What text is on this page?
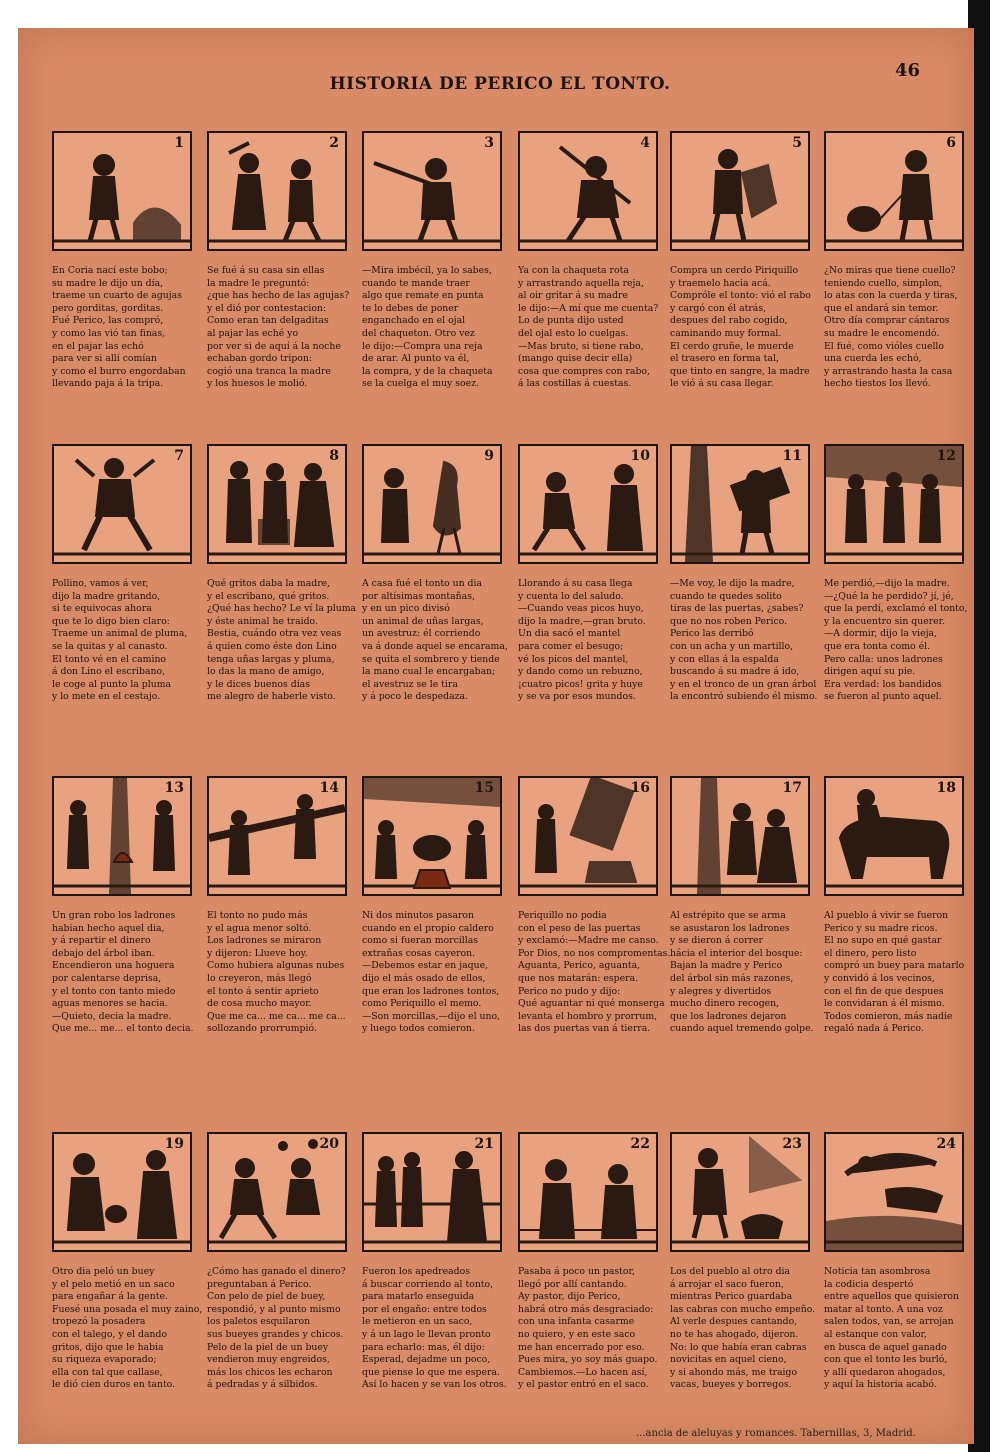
HISTORIA DE PERICO EL TONTO.
46
1
En Coria nací este bobo;
su madre le dijo un día,
traeme un cuarto de agujas
pero gorditas, gorditas.
Fué Perico, las compró,
y como las vió tan finas,
en el pajar las echó
para ver si allí comían
y como el burro engordaban
llevando paja á la tripa.
2
Se fué á su casa sin ellas
la madre le preguntó:
¿que has hecho de las agujas?
y el dió por contestacion:
Como eran tan delgaditas
al pajar las eché yo
por ver si de aquí á la noche
echaban gordo tripon:
cogió una tranca la madre
y los huesos le molió.
3
—Mira imbécil, ya lo sabes,
cuando te mande traer
algo que remate en punta
te lo debes de poner
enganchado en el ojal
del chaqueton. Otro vez
le dijo:—Compra una reja
de arar. Al punto va él,
la compra, y de la chaqueta
se la cuelga el muy soez.
4
Ya con la chaqueta rota
y arrastrando aquella reja,
al oir gritar á su madre
le dijo:—A mí que me cuenta?
Lo de punta dijo usted
del ojal esto lo cuelgas.
—Mas bruto, si tiene rabo,
(mango quise decir ella)
cosa que compres con rabo,
á las costillas á cuestas.
5
Compra un cerdo Piriquillo
y traemelo hacia acá.
Compróle el tonto: vió el rabo
y cargó con él atrás,
despues del rabo cogido,
caminando muy formal.
El cerdo gruñe, le muerde
el trasero en forma tal,
que tinto en sangre, la madre
le vió á su casa llegar.
6
¿No miras que tiene cuello?
teniendo cuello, simplon,
lo atas con la cuerda y tiras,
que el andará sin temor.
Otro día comprar cántaros
su madre le encomendó.
El fué, como vióles cuello
una cuerda les echó,
y arrastrando hasta la casa
hecho tiestos los llevó.
7
Pollino, vamos á ver,
dijo la madre gritando,
si te equivocas ahora
que te lo digo bien claro:
Traeme un animal de pluma,
se la quitas y al canasto.
El tonto vé en el camino
á don Lino el escribano,
le coge al punto la pluma
y lo mete en el cestajo.
8
Qué gritos daba la madre,
y el escribano, qué gritos.
¿Qué has hecho? Le ví la pluma
y éste animal he traido.
Bestia, cuándo otra vez veas
á quien como éste don Lino
tenga uñas largas y pluma,
lo das la mano de amigo,
y le dices buenos días
me alegro de haberle visto.
9
A casa fué el tonto un dia
por altísimas montañas,
y en un pico divisó
un animal de uñas largas,
un avestruz: él corriendo
va á donde aquel se encarama,
se quita el sombrero y tiende
la mano cual le encargaban;
el avestruz se le tira
y á poco le despedaza.
10
Llorando á su casa llega
y cuenta lo del saludo.
—Cuando veas picos huyo,
dijo la madre,—gran bruto.
Un dia sacó el mantel
para comer el besugo;
vé los picos del mantel,
y dando como un rebuzno,
¡cuatro picos! grita y huye
y se va por esos mundos.
11
—Me voy, le dijo la madre,
cuando te quedes solito
tiras de las puertas, ¿sabes?
que no nos roben Perico.
Perico las derribó
con un acha y un martillo,
y con ellas á la espalda
buscando á su madre á ido,
y en el tronco de un gran árbol
la encontró subiendo él mismo.
12
Me perdió,—dijo la madre.
—¿Qué la he perdido? jí, jé,
que la perdí, exclamó el tonto,
y la encuentro sin querer.
—A dormir, dijo la vieja,
que era tonta como él.
Pero calla: unos ladrones
dirigen aquí su pie.
Era verdad: los bandidos
se fueron al punto aquel.
13
Un gran robo los ladrones
habian hecho aquel dia,
y á repartir el dinero
debajo del árbol iban.
Encendieron una hoguera
por calentarse deprisa,
y el tonto con tanto miedo
aguas menores se hacia.
—Quieto, decia la madre.
Que me... me... el tonto decia.
14
El tonto no pudo más
y el agua menor soltó.
Los ladrones se miraron
y dijeron: Llueve hoy.
Como hubiera algunas nubes
lo creyeron, más llegó
el tonto á sentir aprieto
de cosa mucho mayor.
Que me ca... me ca... me ca...
sollozando prorrumpió.
15
Ni dos minutos pasaron
cuando en el propio caldero
como si fueran morcillas
extrañas cosas cayeron.
—Debemos estar en jaque,
dijo el más osado de ellos,
que eran los ladrones tontos,
como Periquillo el memo.
—Son morcillas,—dijo el uno,
y luego todos comieron.
16
Periquillo no podia
con el peso de las puertas
y exclamó:—Madre me canso.
Por Dios, no nos compromentas.
Aguanta, Perico, aguanta,
que nos matarán: espera.
Perico no pudo y dijo:
Qué aguantar ni qué monserga
levanta el hombro y prorrum,
las dos puertas van á tierra.
17
Al estrépito que se arma
se asustaron los ladrones
y se dieron á correr
hácia el interior del bosque:
Bajan la madre y Perico
del árbol sin más razones,
y alegres y divertidos
mucho dinero recogen,
que los ladrones dejaron
cuando aquel tremendo golpe.
18
Al pueblo á vivir se fueron
Perico y su madre ricos.
El no supo en qué gastar
el dinero, pero listo
compró un buey para matarlo
y convidó á los vecinos,
con el fin de que despues
le convidaran á él mismo.
Todos comieron, más nadie
regaló nada á Perico.
19
Otro dia peló un buey
y el pelo metió en un saco
para engañar á la gente.
Fuesé una posada el muy zaino,
tropezó la posadera
con el talego, y el dando
gritos, dijo que le habia
su riqueza evaporado;
ella con tal que callase,
le dió cien duros en tanto.
20
¿Cómo has ganado el dinero?
preguntaban á Perico.
Con pelo de piel de buey,
respondió, y al punto mismo
los paletos esquilaron
sus bueyes grandes y chicos.
Pelo de la piel de un buey
vendieron muy engreidos,
más los chicos les echaron
á pedradas y á silbidos.
21
Fueron los apedreados
á buscar corriendo al tonto,
para matarlo enseguida
por el engaño: entre todos
le metieron en un saco,
y á un lago le llevan pronto
para echarlo: mas, él dijo:
Esperad, dejadme un poco,
que piense lo que me espera.
Así lo hacen y se van los otros.
22
Pasaba á poco un pastor,
llegó por allí cantando.
Ay pastor, dijo Perico,
habrá otro más desgraciado:
con una infanta casarme
no quiero, y en este saco
me han encerrado por eso.
Pues mira, yo soy más guapo.
Cambiemos.—Lo hacen así,
y el pastor entró en el saco.
23
Los del pueblo al otro dia
á arrojar el saco fueron,
mientras Perico guardaba
las cabras con mucho empeño.
Al verle despues cantando,
no te has ahogado, dijeron.
No: lo que había eran cabras
novicitas en aquel cieno,
y si ahondo más, me traigo
vacas, bueyes y borregos.
24
Noticia tan asombrosa
la codicia despertó
entre aquellos que quisieron
matar al tonto. A una voz
salen todos, van, se arrojan
al estanque con valor,
en busca de aquel ganado
con que el tonto les burló,
y allí quedaron ahogados,
y aquí la historia acabó.
...ancia de aleluyas y romances. Tabernillas, 3, Madrid.
